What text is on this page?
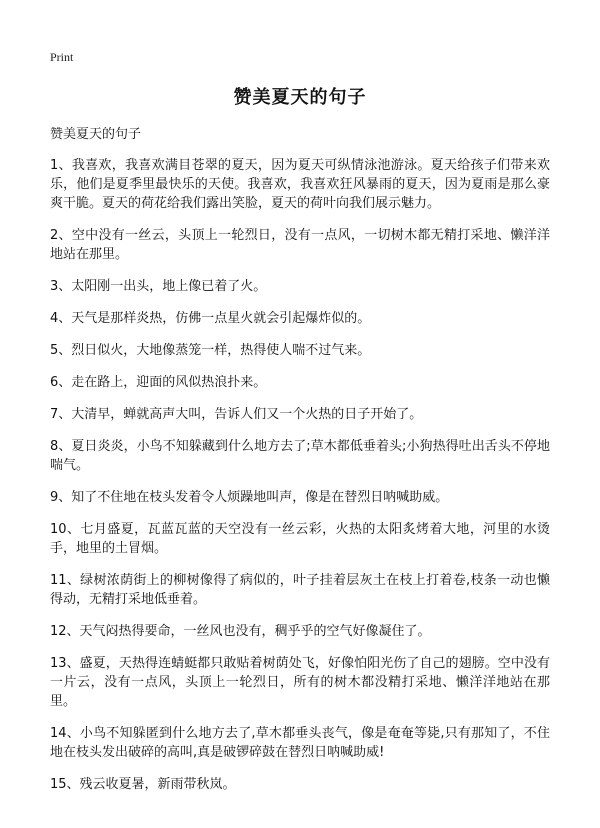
Print
赞美夏天的句子
赞美夏天的句子

1、我喜欢，我喜欢满目苍翠的夏天，因为夏天可纵情泳池游泳。夏天给孩子们带来欢乐，他们是夏季里最快乐的天使。我喜欢，我喜欢狂风暴雨的夏天，因为夏雨是那么豪爽干脆。夏天的荷花给我们露出笑脸，夏天的荷叶向我们展示魅力。

2、空中没有一丝云，头顶上一轮烈日，没有一点风，一切树木都无精打采地、懒洋洋地站在那里。

3、太阳刚一出头，地上像已着了火。

4、天气是那样炎热，仿佛一点星火就会引起爆炸似的。

5、烈日似火，大地像蒸笼一样，热得使人喘不过气来。

6、走在路上，迎面的风似热浪扑来。

7、大清早，蝉就高声大叫，告诉人们又一个火热的日子开始了。

8、夏日炎炎，小鸟不知躲藏到什么地方去了;草木都低垂着头;小狗热得吐出舌头不停地喘气。

9、知了不住地在枝头发着令人烦躁地叫声，像是在替烈日呐喊助威。

10、七月盛夏，瓦蓝瓦蓝的天空没有一丝云彩，火热的太阳炙烤着大地，河里的水烫手，地里的土冒烟。

11、绿树浓荫街上的柳树像得了病似的，叶子挂着层灰土在枝上打着卷,枝条一动也懒得动，无精打采地低垂着。

12、天气闷热得要命，一丝风也没有，稠乎乎的空气好像凝住了。

13、盛夏，天热得连蜻蜓都只敢贴着树荫处飞，好像怕阳光伤了自己的翅膀。空中没有一片云，没有一点风，头顶上一轮烈日，所有的树木都没精打采地、懒洋洋地站在那里。

14、小鸟不知躲匿到什么地方去了,草木都垂头丧气，像是奄奄等毙,只有那知了，不住地在枝头发出破碎的高叫,真是破锣碎鼓在替烈日呐喊助威!

15、残云收夏暑，新雨带秋岚。
